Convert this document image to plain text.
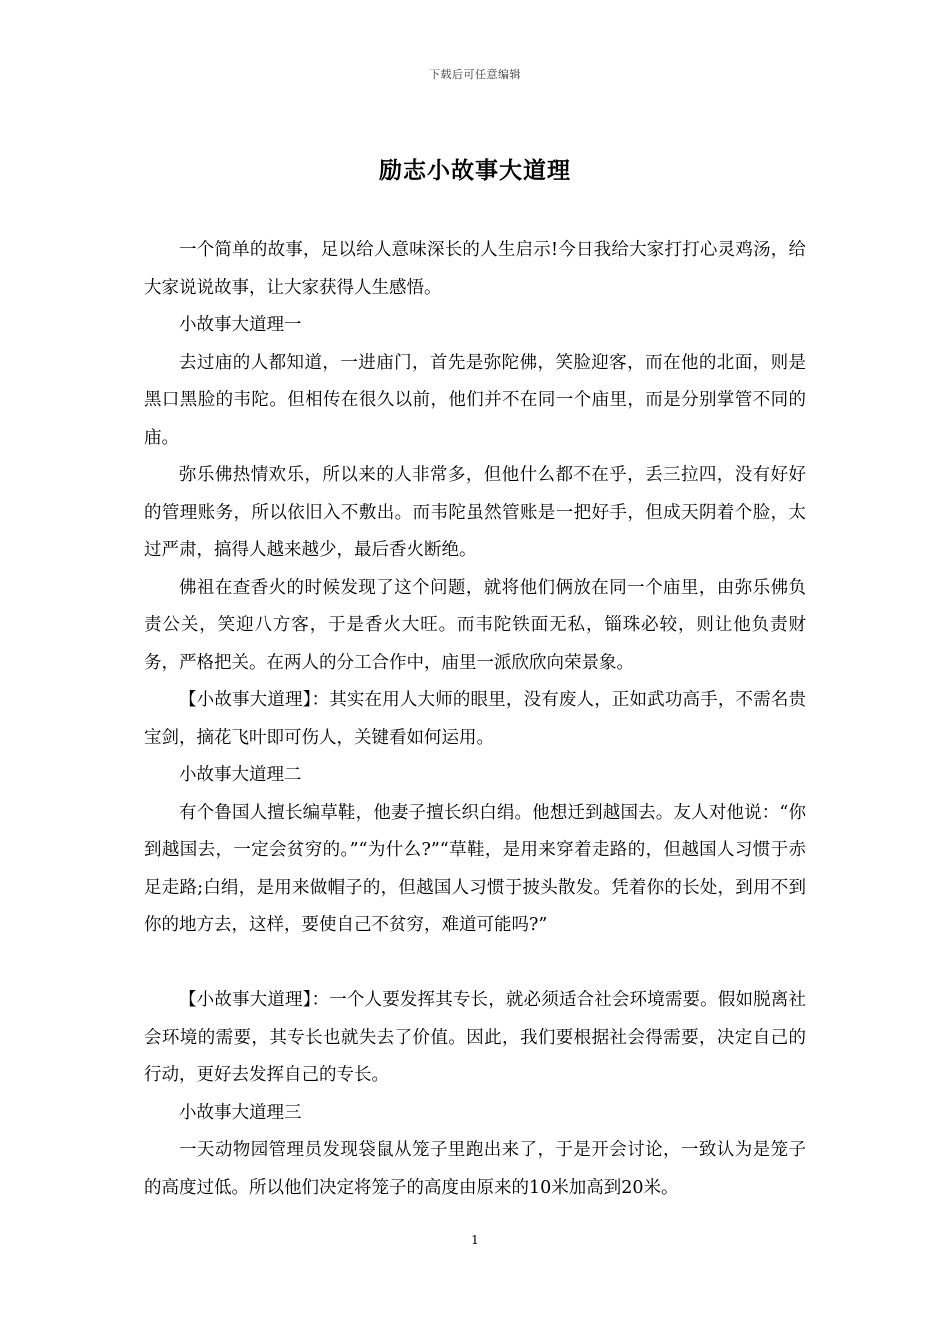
下载后可任意编辑
励志小故事大道理

一个简单的故事，足以给人意味深长的人生启示!今日我给大家打打心灵鸡汤，给大家说说故事，让大家获得人生感悟。

小故事大道理一

去过庙的人都知道，一进庙门，首先是弥陀佛，笑脸迎客，而在他的北面，则是黑口黑脸的韦陀。但相传在很久以前，他们并不在同一个庙里，而是分别掌管不同的庙。

弥乐佛热情欢乐，所以来的人非常多，但他什么都不在乎，丢三拉四，没有好好的管理账务，所以依旧入不敷出。而韦陀虽然管账是一把好手，但成天阴着个脸，太过严肃，搞得人越来越少，最后香火断绝。

佛祖在查香火的时候发现了这个问题，就将他们俩放在同一个庙里，由弥乐佛负责公关，笑迎八方客，于是香火大旺。而韦陀铁面无私，锱珠必较，则让他负责财务，严格把关。在两人的分工合作中，庙里一派欣欣向荣景象。

【小故事大道理】：其实在用人大师的眼里，没有废人，正如武功高手，不需名贵宝剑，摘花飞叶即可伤人，关键看如何运用。

小故事大道理二

有个鲁国人擅长编草鞋，他妻子擅长织白绢。他想迁到越国去。友人对他说：“你到越国去，一定会贫穷的。”“为什么?”“草鞋，是用来穿着走路的，但越国人习惯于赤足走路;白绢，是用来做帽子的，但越国人习惯于披头散发。凭着你的长处，到用不到你的地方去，这样，要使自己不贫穷，难道可能吗?”

【小故事大道理】：一个人要发挥其专长，就必须适合社会环境需要。假如脱离社会环境的需要，其专长也就失去了价值。因此，我们要根据社会得需要，决定自己的行动，更好去发挥自己的专长。

小故事大道理三

一天动物园管理员发现袋鼠从笼子里跑出来了，于是开会讨论，一致认为是笼子的高度过低。所以他们决定将笼子的高度由原来的10米加高到20米。

1
